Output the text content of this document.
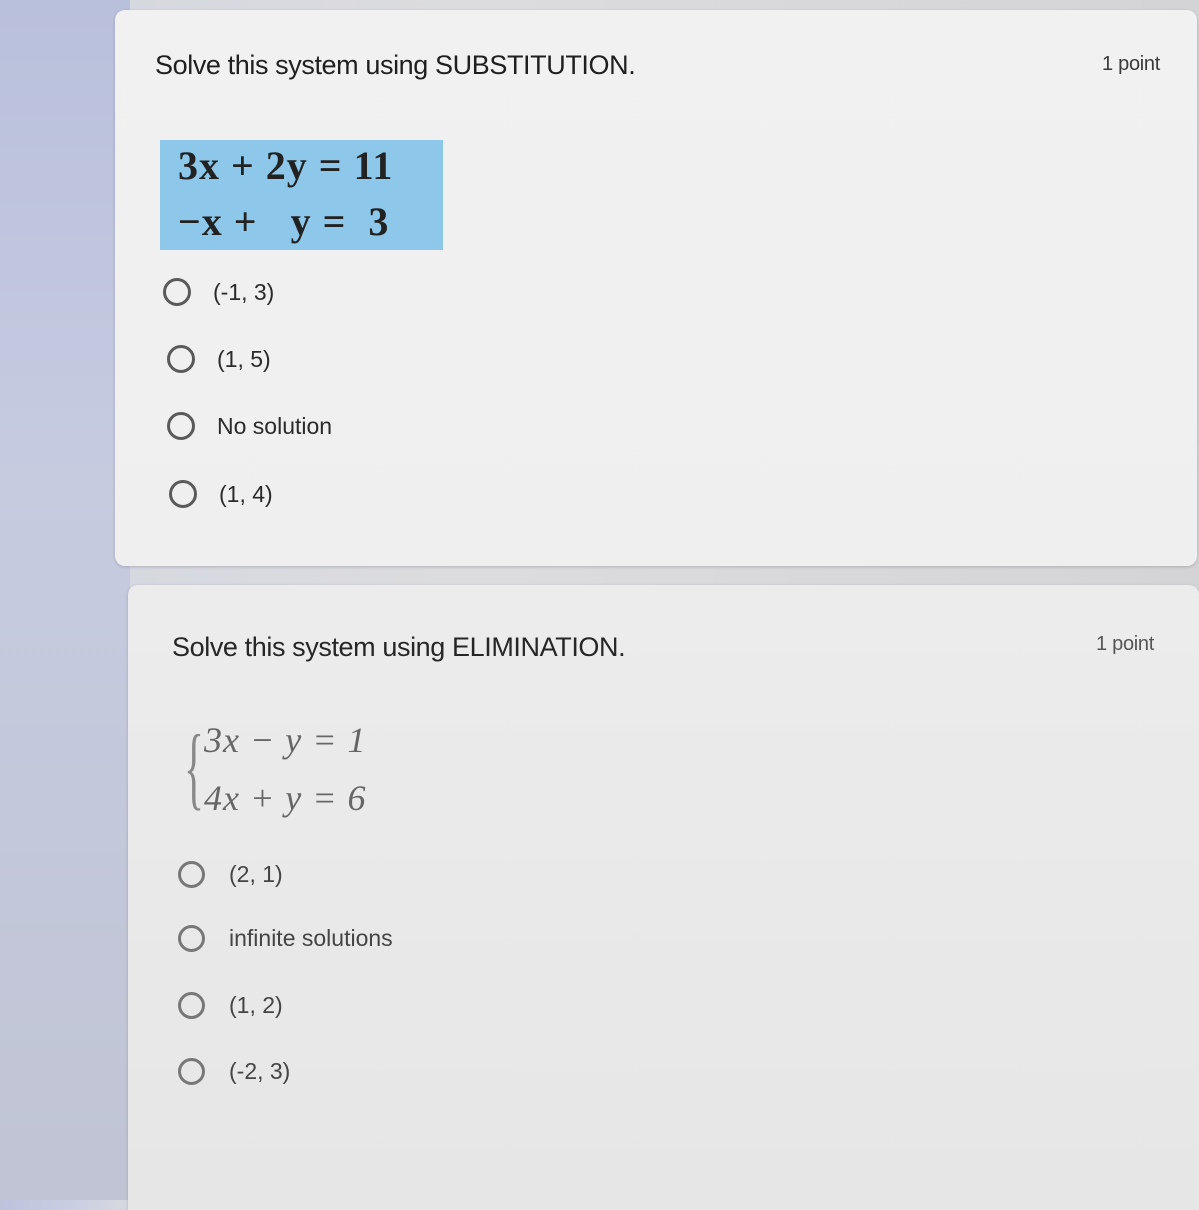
Solve this system using SUBSTITUTION.	1 point
3x + 2y = 11
−x +   y =  3
(-1, 3)
(1, 5)
No solution
(1, 4)
Solve this system using ELIMINATION.	1 point
{ 3x − y = 1
4x + y = 6
(2, 1)
infinite solutions
(1, 2)
(-2, 3)
